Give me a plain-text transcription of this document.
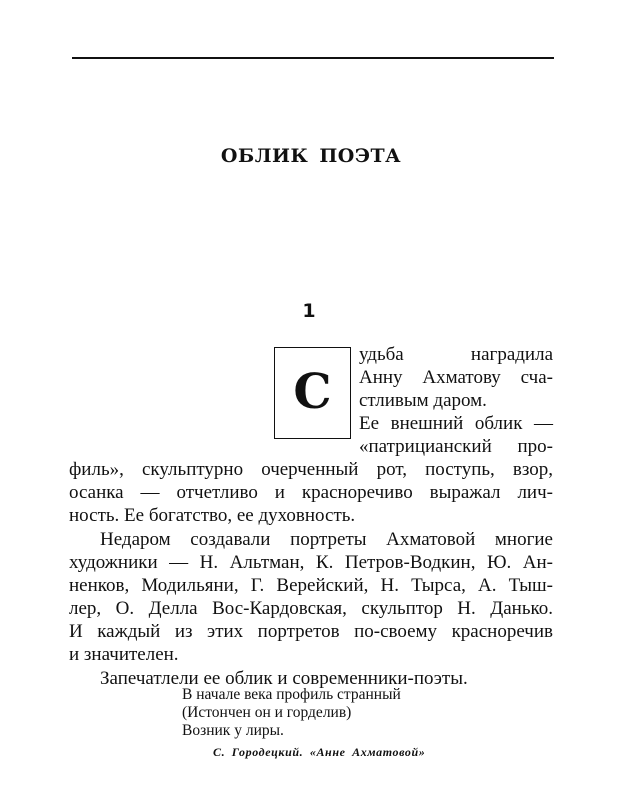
ОБЛИК ПОЭТА
1
С
удьба наградила
Анну Ахматову сча-
стливым даром.
Ее внешний облик —
«патрицианский про-
филь», скульптурно очерченный рот, поступь, взор,
осанка — отчетливо и красноречиво выражал лич-
ность. Ее богатство, ее духовность.
Недаром создавали портреты Ахматовой многие
художники — Н. Альтман, К. Петров-Водкин, Ю. Ан-
ненков, Модильяни, Г. Верейский, Н. Тырса, А. Тыш-
лер, О. Делла Вос-Кардовская, скульптор Н. Данько.
И каждый из этих портретов по-своему красноречив
и значителен.
Запечатлели ее облик и современники-поэты.
В начале века профиль странный
(Истончен он и горделив)
Возник у лиры.
С. Городецкий. «Анне Ахматовой»
